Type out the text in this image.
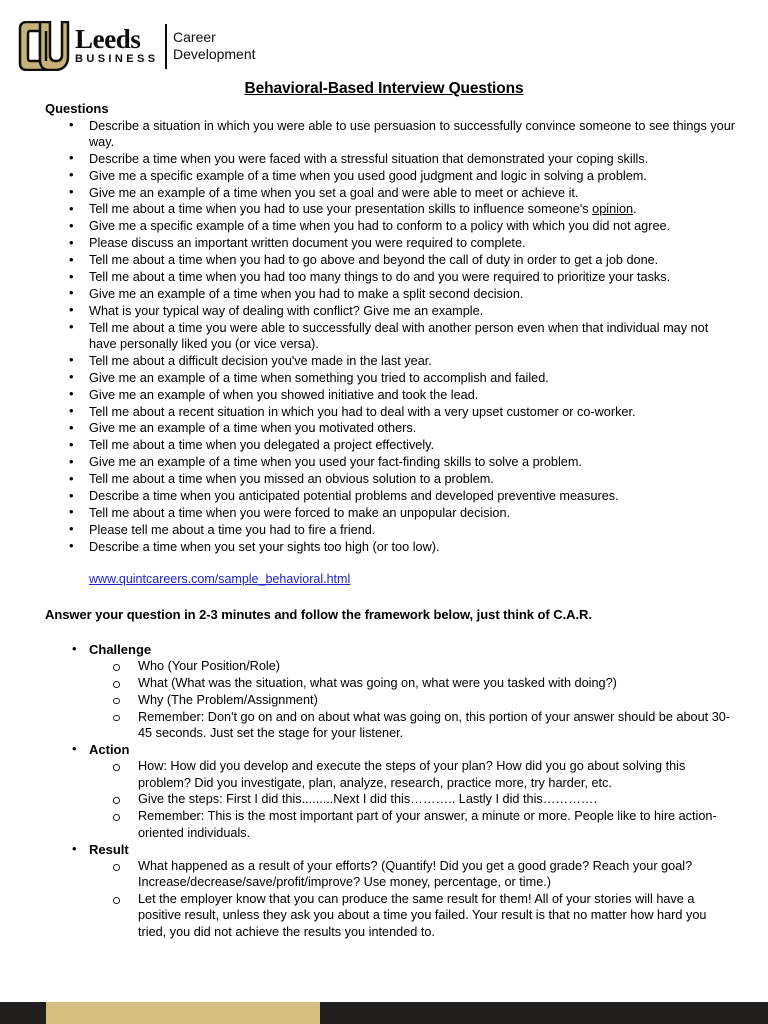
Leeds
BUSINESS
Career
Development
Behavioral-Based Interview Questions
Questions
• Describe a situation in which you were able to use persuasion to successfully convince someone to see things your way.
• Describe a time when you were faced with a stressful situation that demonstrated your coping skills.
• Give me a specific example of a time when you used good judgment and logic in solving a problem.
• Give me an example of a time when you set a goal and were able to meet or achieve it.
• Tell me about a time when you had to use your presentation skills to influence someone's opinion.
• Give me a specific example of a time when you had to conform to a policy with which you did not agree.
• Please discuss an important written document you were required to complete.
• Tell me about a time when you had to go above and beyond the call of duty in order to get a job done.
• Tell me about a time when you had too many things to do and you were required to prioritize your tasks.
• Give me an example of a time when you had to make a split second decision.
• What is your typical way of dealing with conflict? Give me an example.
• Tell me about a time you were able to successfully deal with another person even when that individual may not have personally liked you (or vice versa).
• Tell me about a difficult decision you've made in the last year.
• Give me an example of a time when something you tried to accomplish and failed.
• Give me an example of when you showed initiative and took the lead.
• Tell me about a recent situation in which you had to deal with a very upset customer or co-worker.
• Give me an example of a time when you motivated others.
• Tell me about a time when you delegated a project effectively.
• Give me an example of a time when you used your fact-finding skills to solve a problem.
• Tell me about a time when you missed an obvious solution to a problem.
• Describe a time when you anticipated potential problems and developed preventive measures.
• Tell me about a time when you were forced to make an unpopular decision.
• Please tell me about a time you had to fire a friend.
• Describe a time when you set your sights too high (or too low).
www.quintcareers.com/sample_behavioral.html
Answer your question in 2-3 minutes and follow the framework below, just think of C.A.R.
• Challenge
Who (Your Position/Role)
What (What was the situation, what was going on, what were you tasked with doing?)
Why (The Problem/Assignment)
Remember: Don't go on and on about what was going on, this portion of your answer should be about 30-45 seconds. Just set the stage for your listener.
• Action
How: How did you develop and execute the steps of your plan? How did you go about solving this problem? Did you investigate, plan, analyze, research, practice more, try harder, etc.
Give the steps: First I did this.........Next I did this……….. Lastly I did this………….
Remember: This is the most important part of your answer, a minute or more. People like to hire action-oriented individuals.
• Result
What happened as a result of your efforts? (Quantify! Did you get a good grade? Reach your goal? Increase/decrease/save/profit/improve? Use money, percentage, or time.)
Let the employer know that you can produce the same result for them! All of your stories will have a positive result, unless they ask you about a time you failed. Your result is that no matter how hard you tried, you did not achieve the results you intended to.
